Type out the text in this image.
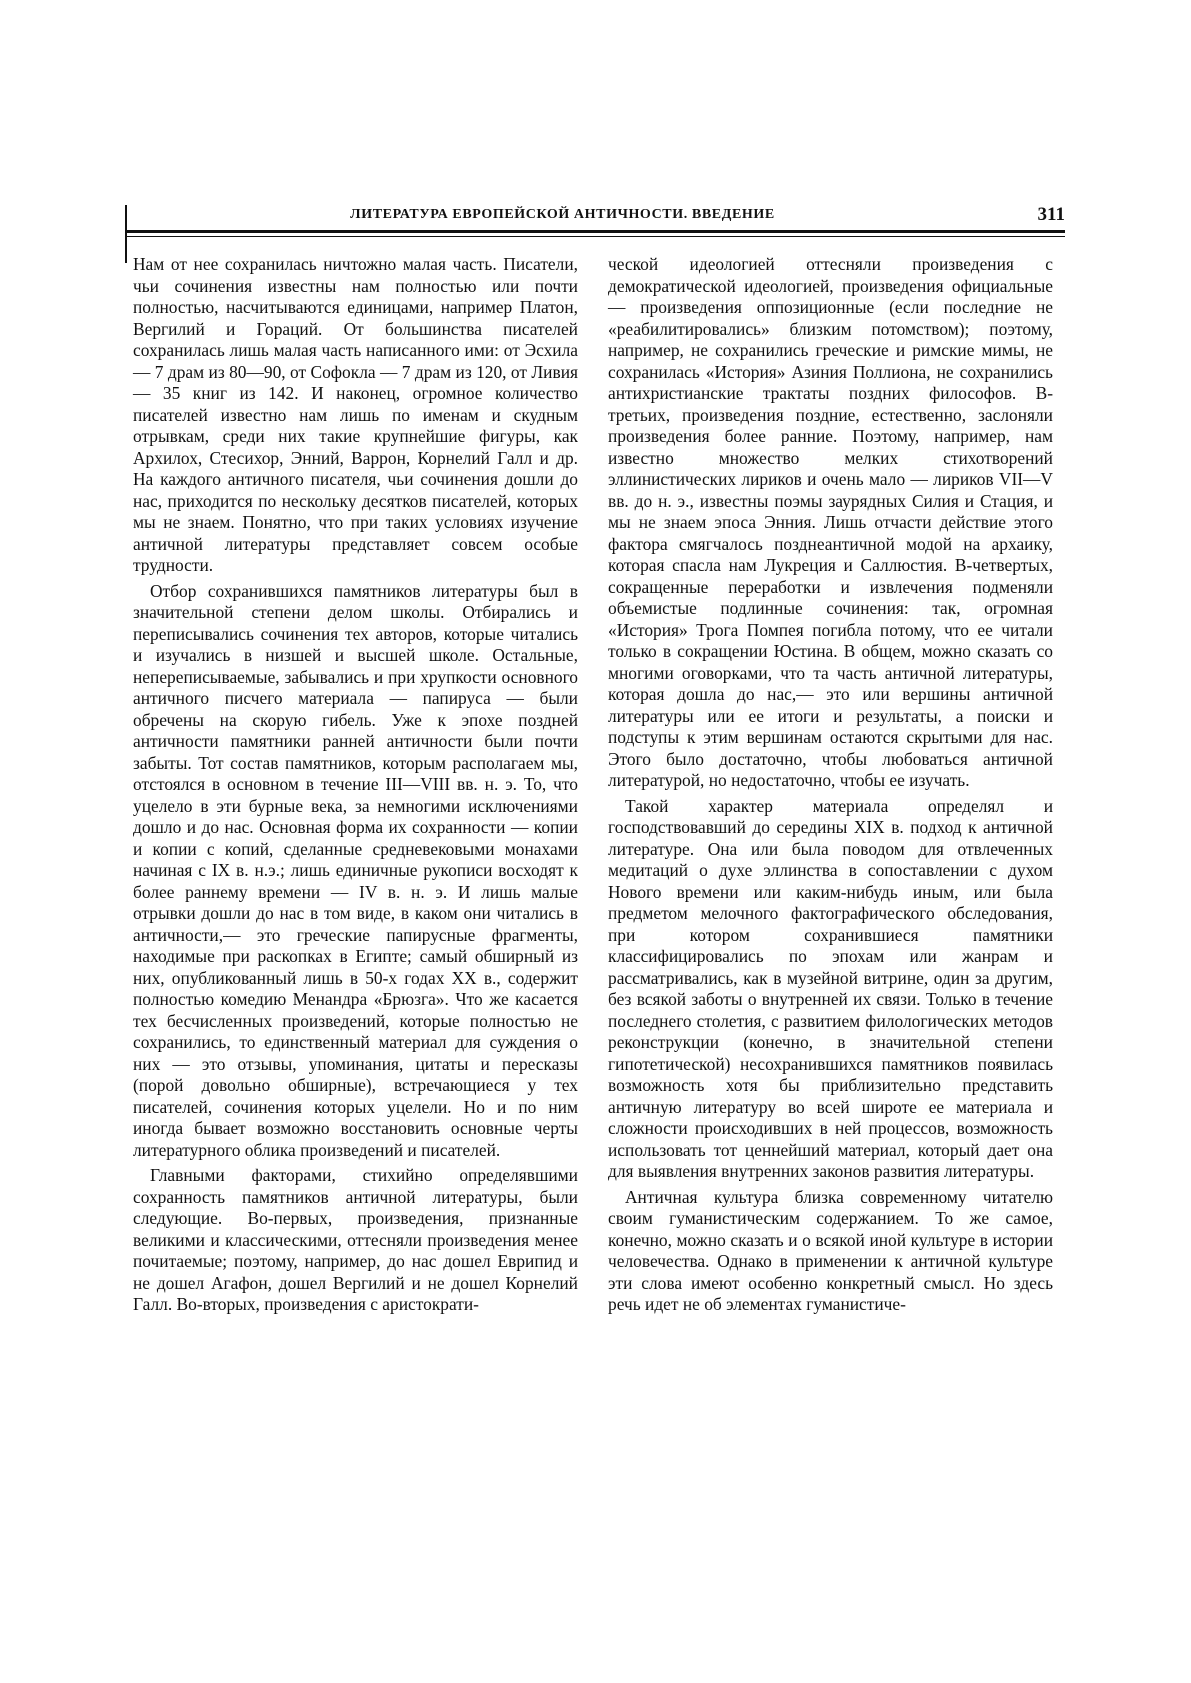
ЛИТЕРАТУРА ЕВРОПЕЙСКОЙ АНТИЧНОСТИ. ВВЕДЕНИЕ	311

Нам от нее сохранилась ничтожно малая часть. Писатели, чьи сочинения известны нам полностью или почти полностью, насчитываются единицами, например Платон, Вергилий и Гораций. От большинства писателей сохранилась лишь малая часть написанного ими: от Эсхила — 7 драм из 80—90, от Софокла — 7 драм из 120, от Ливия — 35 книг из 142. И наконец, огромное количество писателей известно нам лишь по именам и скудным отрывкам, среди них такие крупнейшие фигуры, как Архилох, Стесихор, Энний, Варрон, Корнелий Галл и др. На каждого античного писателя, чьи сочинения дошли до нас, приходится по нескольку десятков писателей, которых мы не знаем. Понятно, что при таких условиях изучение античной литературы представляет совсем особые трудности.

Отбор сохранившихся памятников литературы был в значительной степени делом школы. Отбирались и переписывались сочинения тех авторов, которые читались и изучались в низшей и высшей школе. Остальные, непереписываемые, забывались и при хрупкости основного античного писчего материала — папируса — были обречены на скорую гибель. Уже к эпохе поздней античности памятники ранней античности были почти забыты. Тот состав памятников, которым располагаем мы, отстоялся в основном в течение III—VIII вв. н. э. То, что уцелело в эти бурные века, за немногими исключениями дошло и до нас. Основная форма их сохранности — копии и копии с копий, сделанные средневековыми монахами начиная с IX в. н.э.; лишь единичные рукописи восходят к более раннему времени — IV в. н. э. И лишь малые отрывки дошли до нас в том виде, в каком они читались в античности,— это греческие папирусные фрагменты, находимые при раскопках в Египте; самый обширный из них, опубликованный лишь в 50-х годах XX в., содержит полностью комедию Менандра «Брюзга». Что же касается тех бесчисленных произведений, которые полностью не сохранились, то единственный материал для суждения о них — это отзывы, упоминания, цитаты и пересказы (порой довольно обширные), встречающиеся у тех писателей, сочинения которых уцелели. Но и по ним иногда бывает возможно восстановить основные черты литературного облика произведений и писателей.

Главными факторами, стихийно определявшими сохранность памятников античной литературы, были следующие. Во-первых, произведения, признанные великими и классическими, оттесняли произведения менее почитаемые; поэтому, например, до нас дошел Еврипид и не дошел Агафон, дошел Вергилий и не дошел Корнелий Галл. Во-вторых, произведения с аристократи-

ческой идеологией оттесняли произведения с демократической идеологией, произведения официальные — произведения оппозиционные (если последние не «реабилитировались» близким потомством); поэтому, например, не сохранились греческие и римские мимы, не сохранилась «История» Азиния Поллиона, не сохранились антихристианские трактаты поздних философов. В-третьих, произведения поздние, естественно, заслоняли произведения более ранние. Поэтому, например, нам известно множество мелких стихотворений эллинистических лириков и очень мало — лириков VII—V вв. до н. э., известны поэмы заурядных Силия и Стация, и мы не знаем эпоса Энния. Лишь отчасти действие этого фактора смягчалось позднеантичной модой на архаику, которая спасла нам Лукреция и Саллюстия. В-четвертых, сокращенные переработки и извлечения подменяли объемистые подлинные сочинения: так, огромная «История» Трога Помпея погибла потому, что ее читали только в сокращении Юстина. В общем, можно сказать со многими оговорками, что та часть античной литературы, которая дошла до нас,— это или вершины античной литературы или ее итоги и результаты, а поиски и подступы к этим вершинам остаются скрытыми для нас. Этого было достаточно, чтобы любоваться античной литературой, но недостаточно, чтобы ее изучать.

Такой характер материала определял и господствовавший до середины XIX в. подход к античной литературе. Она или была поводом для отвлеченных медитаций о духе эллинства в сопоставлении с духом Нового времени или каким-нибудь иным, или была предметом мелочного фактографического обследования, при котором сохранившиеся памятники классифицировались по эпохам или жанрам и рассматривались, как в музейной витрине, один за другим, без всякой заботы о внутренней их связи. Только в течение последнего столетия, с развитием филологических методов реконструкции (конечно, в значительной степени гипотетической) несохранившихся памятников появилась возможность хотя бы приблизительно представить античную литературу во всей широте ее материала и сложности происходивших в ней процессов, возможность использовать тот ценнейший материал, который дает она для выявления внутренних законов развития литературы.

Античная культура близка современному читателю своим гуманистическим содержанием. То же самое, конечно, можно сказать и о всякой иной культуре в истории человечества. Однако в применении к античной культуре эти слова имеют особенно конкретный смысл. Но здесь речь идет не об элементах гуманистиче-
